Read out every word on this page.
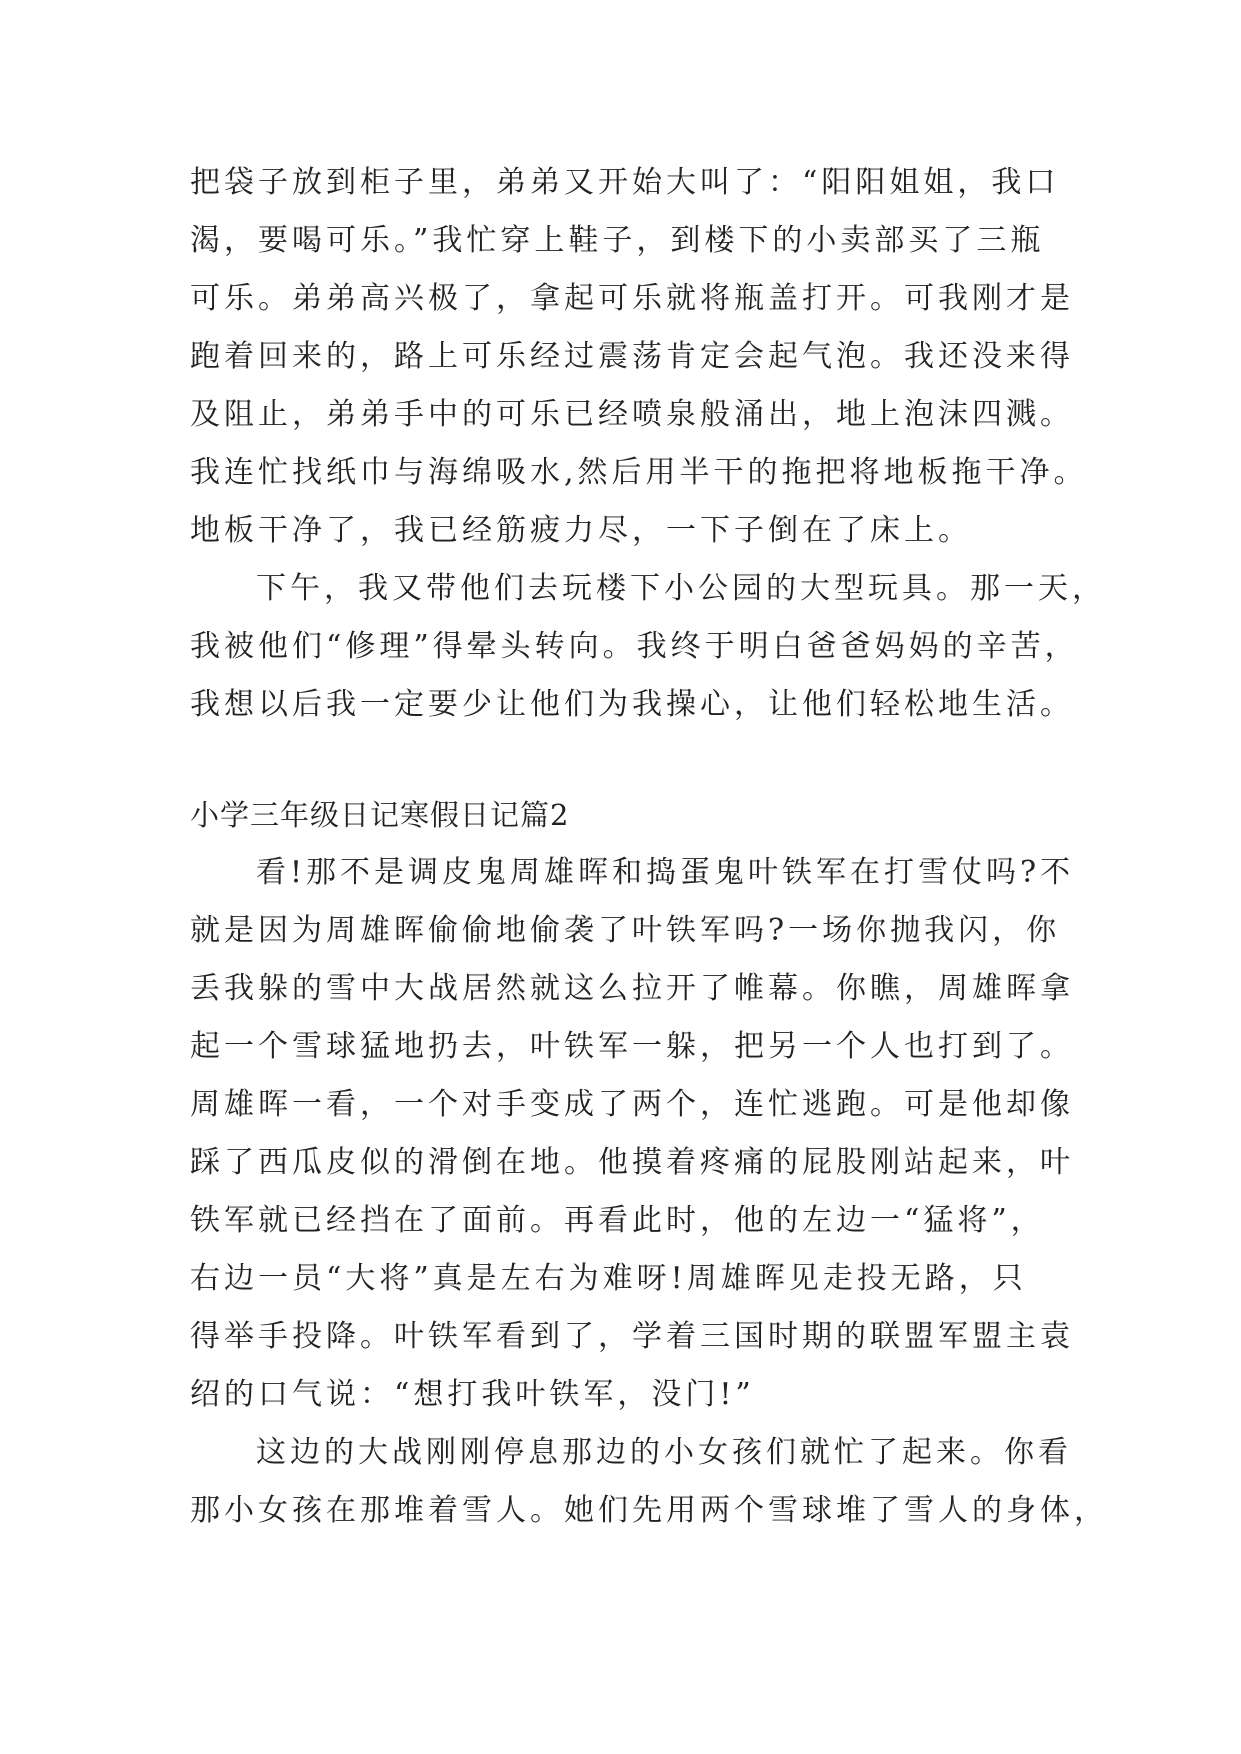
把袋子放到柜子里，弟弟又开始大叫了：“阳阳姐姐，我口
渴，要喝可乐。”我忙穿上鞋子，到楼下的小卖部买了三瓶
可乐。弟弟高兴极了，拿起可乐就将瓶盖打开。可我刚才是
跑着回来的，路上可乐经过震荡肯定会起气泡。我还没来得
及阻止，弟弟手中的可乐已经喷泉般涌出，地上泡沫四溅。
我连忙找纸巾与海绵吸水,然后用半干的拖把将地板拖干净。
地板干净了，我已经筋疲力尽，一下子倒在了床上。
下午，我又带他们去玩楼下小公园的大型玩具。那一天，
我被他们“修理”得晕头转向。我终于明白爸爸妈妈的辛苦，
我想以后我一定要少让他们为我操心，让他们轻松地生活。
小学三年级日记寒假日记篇2
看!那不是调皮鬼周雄晖和捣蛋鬼叶铁军在打雪仗吗?不
就是因为周雄晖偷偷地偷袭了叶铁军吗?一场你抛我闪，你
丢我躲的雪中大战居然就这么拉开了帷幕。你瞧，周雄晖拿
起一个雪球猛地扔去，叶铁军一躲，把另一个人也打到了。
周雄晖一看，一个对手变成了两个，连忙逃跑。可是他却像
踩了西瓜皮似的滑倒在地。他摸着疼痛的屁股刚站起来，叶
铁军就已经挡在了面前。再看此时，他的左边一“猛将”，
右边一员“大将”真是左右为难呀!周雄晖见走投无路，只
得举手投降。叶铁军看到了，学着三国时期的联盟军盟主袁
绍的口气说：“想打我叶铁军，没门!”
这边的大战刚刚停息那边的小女孩们就忙了起来。你看
那小女孩在那堆着雪人。她们先用两个雪球堆了雪人的身体，
